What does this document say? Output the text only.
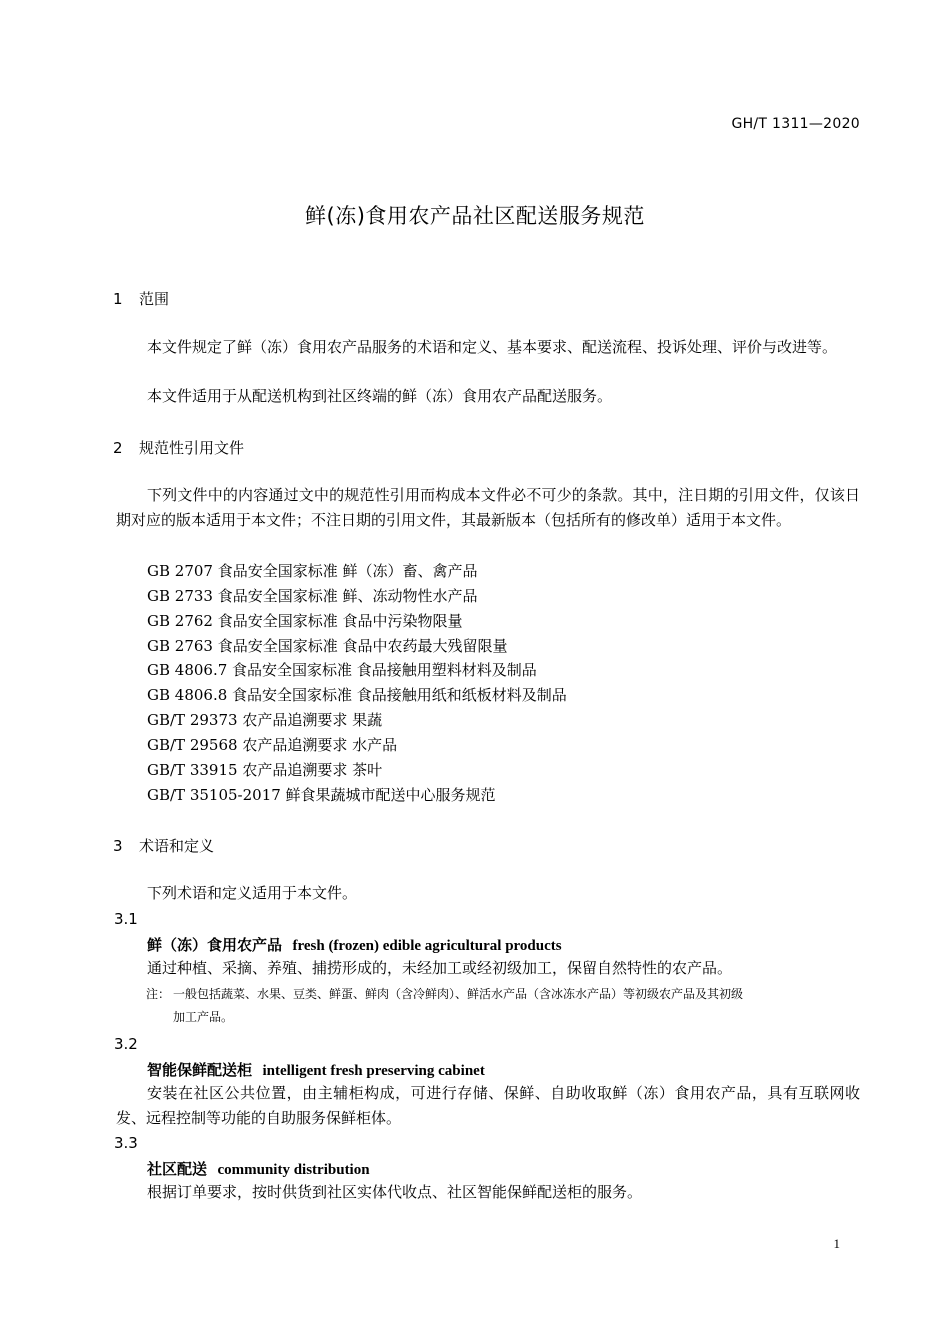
GH/T 1311—2020
鲜(冻)食用农产品社区配送服务规范
1 范围
本文件规定了鲜（冻）食用农产品服务的术语和定义、基本要求、配送流程、投诉处理、评价与改进等。
本文件适用于从配送机构到社区终端的鲜（冻）食用农产品配送服务。
2 规范性引用文件
下列文件中的内容通过文中的规范性引用而构成本文件必不可少的条款。其中，注日期的引用文件，仅该日期对应的版本适用于本文件；不注日期的引用文件，其最新版本（包括所有的修改单）适用于本文件。
GB 2707 食品安全国家标准 鲜（冻）畜、禽产品
GB 2733 食品安全国家标准 鲜、冻动物性水产品
GB 2762 食品安全国家标准 食品中污染物限量
GB 2763 食品安全国家标准 食品中农药最大残留限量
GB 4806.7 食品安全国家标准 食品接触用塑料材料及制品
GB 4806.8 食品安全国家标准 食品接触用纸和纸板材料及制品
GB/T 29373 农产品追溯要求 果蔬
GB/T 29568 农产品追溯要求 水产品
GB/T 33915 农产品追溯要求 茶叶
GB/T 35105-2017 鲜食果蔬城市配送中心服务规范
3 术语和定义
下列术语和定义适用于本文件。
3.1
鲜（冻）食用农产品 fresh (frozen) edible agricultural products
通过种植、采摘、养殖、捕捞形成的，未经加工或经初级加工，保留自然特性的农产品。
注： 一般包括蔬菜、水果、豆类、鲜蛋、鲜肉（含冷鲜肉）、鲜活水产品（含冰冻水产品）等初级农产品及其初级
加工产品。
3.2
智能保鲜配送柜 intelligent fresh preserving cabinet
安装在社区公共位置，由主辅柜构成，可进行存储、保鲜、自助收取鲜（冻）食用农产品，具有互联网收发、远程控制等功能的自助服务保鲜柜体。
3.3
社区配送 community distribution
根据订单要求，按时供货到社区实体代收点、社区智能保鲜配送柜的服务。
1
